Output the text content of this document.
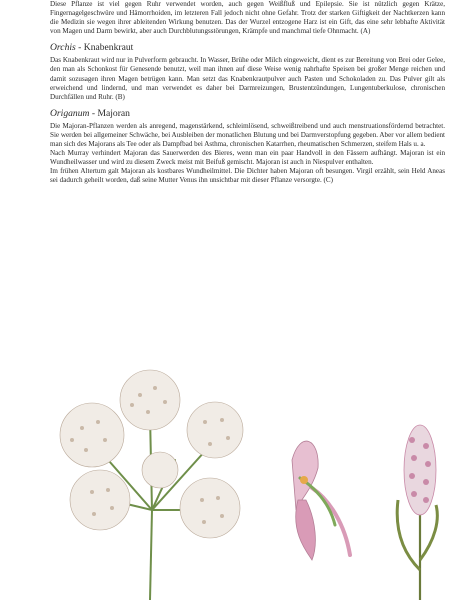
Diese Pflanze ist viel gegen Ruhr verwendet worden, auch gegen Weißfluß und Epilepsie. Sie ist nützlich gegen Krätze, Fingernagelgeschwüre und Hämorrhoiden, im letzteren Fall jedoch nicht ohne Gefahr. Trotz der starken Giftigkeit der Nachtkerzen kann die Medizin sie wegen ihrer ableitenden Wirkung benutzen. Das der Wurzel entzogene Harz ist ein Gift, das eine sehr lebhafte Aktivität von Magen und Darm bewirkt, aber auch Durchblutungsstörungen, Krämpfe und manchmal tiefe Ohnmacht. (A)

Orchis - Knabenkraut

Das Knabenkraut wird nur in Pulverform gebraucht. In Wasser, Brühe oder Milch eingeweicht, dient es zur Bereitung von Brei oder Gelee, den man als Schonkost für Genesende benutzt, weil man ihnen auf diese Weise wenig nahrhafte Speisen bei großer Menge reichen und damit sozusagen ihren Magen betrügen kann. Man setzt das Knabenkrautpulver auch Pasten und Schokoladen zu. Das Pulver gilt als erweichend und lindernd, und man verwendet es daher bei Darmreizungen, Brustentzündungen, Lungentuberkulose, chronischen Durchfällen und Ruhr. (B)

Origanum - Majoran

Die Majoran-Pflanzen werden als anregend, magenstärkend, schleimlösend, schweißtreibend und auch menstruationsfördernd betrachtet. Sie werden bei allgemeiner Schwäche, bei Ausbleiben der monatlichen Blutung und bei Darmverstopfung gegeben. Aber vor allem bedient man sich des Majorans als Tee oder als Dampfbad bei Asthma, chronischen Katarrhen, rheumatischen Schmerzen, steifem Hals u. a.

Nach Murray verhindert Majoran das Sauerwerden des Bieres, wenn man ein paar Handvoll in den Fässern aufhängt. Majoran ist ein Wundheilwasser und wird zu diesem Zweck meist mit Beifuß gemischt. Majoran ist auch in Niespulver enthalten.

Im frühen Altertum galt Majoran als kostbares Wundheilmittel. Die Dichter haben Majoran oft besungen. Virgil erzählt, sein Held Aneas sei dadurch geheilt worden, daß seine Mutter Venus ihn unsichtbar mit dieser Pflanze versorgte. (C)
